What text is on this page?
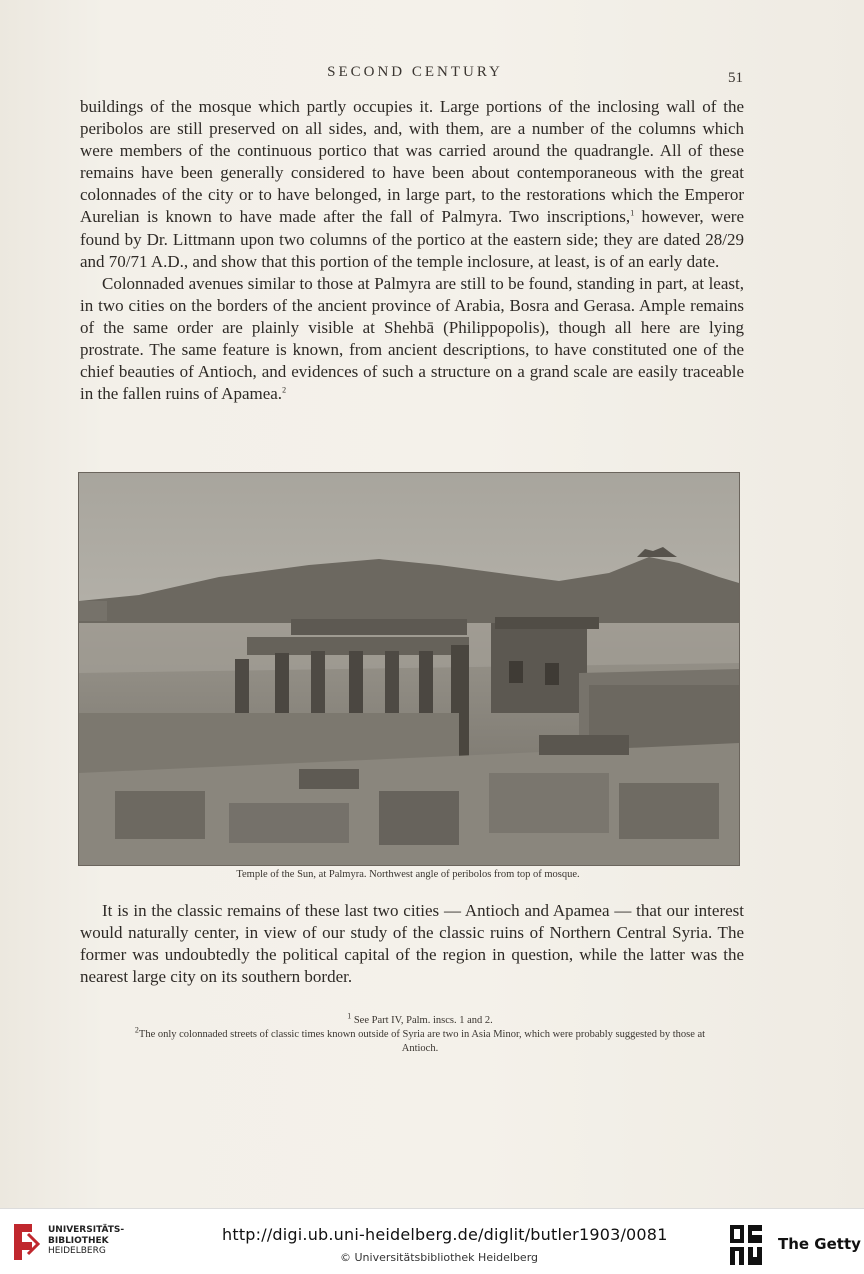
SECOND CENTURY	51

buildings of the mosque which partly occupies it. Large portions of the inclosing wall of the peribolos are still preserved on all sides, and, with them, are a number of the columns which were members of the continuous portico that was carried around the quadrangle. All of these remains have been generally considered to have been about contemporaneous with the great colonnades of the city or to have belonged, in large part, to the restorations which the Emperor Aurelian is known to have made after the fall of Palmyra. Two inscriptions,$^1$ however, were found by Dr. Littmann upon two columns of the portico at the eastern side; they are dated 28/29 and 70/71 A.D., and show that this portion of the temple inclosure, at least, is of an early date.

Colonnaded avenues similar to those at Palmyra are still to be found, standing in part, at least, in two cities on the borders of the ancient province of Arabia, Bosra and Gerasa. Ample remains of the same order are plainly visible at Shehbā (Philippopolis), though all here are lying prostrate. The same feature is known, from ancient descriptions, to have constituted one of the chief beauties of Antioch, and evidences of such a structure on a grand scale are easily traceable in the fallen ruins of Apamea.$^2$

Temple of the Sun, at Palmyra. Northwest angle of peribolos from top of mosque.

It is in the classic remains of these last two cities — Antioch and Apamea — that our interest would naturally center, in view of our study of the classic ruins of Northern Central Syria. The former was undoubtedly the political capital of the region in question, while the latter was the nearest large city on its southern border.

$^1$ See Part IV, Palm. inscs. 1 and 2.
$^2$The only colonnaded streets of classic times known outside of Syria are two in Asia Minor, which were probably suggested by those at Antioch.
UNIVERSITÄTS-
BIBLIOTHEK
HEIDELBERG
http://digi.ub.uni-heidelberg.de/diglit/butler1903/0081
© Universitätsbibliothek Heidelberg
The Getty
